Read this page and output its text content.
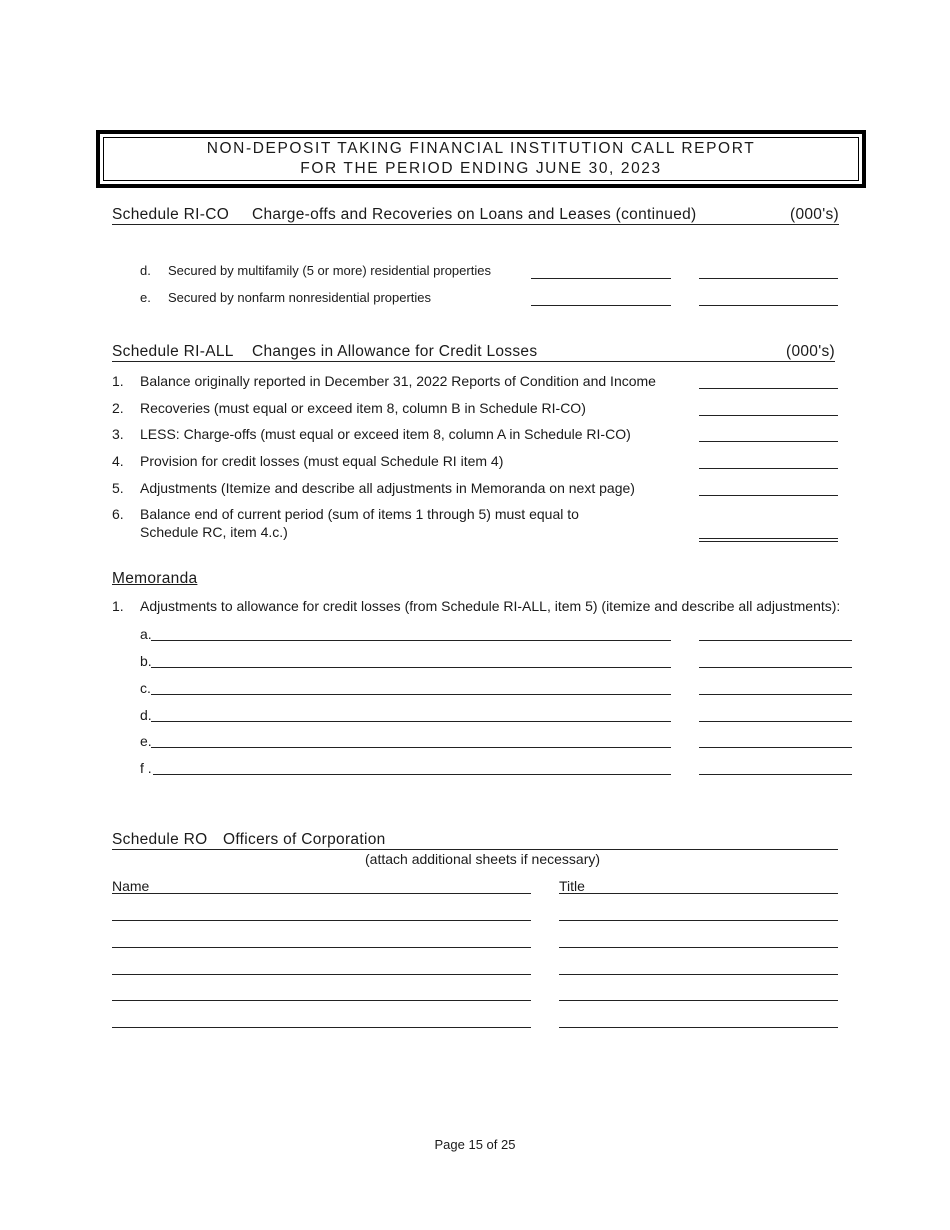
NON-DEPOSIT TAKING FINANCIAL INSTITUTION CALL REPORT
FOR THE PERIOD ENDING JUNE 30, 2023
Schedule RI-CO Charge-offs and Recoveries on Loans and Leases (continued)	(000's)
d. Secured by multifamily (5 or more) residential properties
e. Secured by nonfarm nonresidential properties
Schedule RI-ALL Changes in Allowance for Credit Losses	(000's)
1. Balance originally reported in December 31, 2022 Reports of Condition and Income
2. Recoveries (must equal or exceed item 8, column B in Schedule RI-CO)
3. LESS: Charge-offs (must equal or exceed item 8, column A in Schedule RI-CO)
4. Provision for credit losses (must equal Schedule RI item 4)
5. Adjustments (Itemize and describe all adjustments in Memoranda on next page)
6. Balance end of current period (sum of items 1 through 5) must equal to
Schedule RC, item 4.c.)
Memoranda
1. Adjustments to allowance for credit losses (from Schedule RI-ALL, item 5) (itemize and describe all adjustments):
a.
b.
c.
d.
e.
f .
Schedule RO Officers of Corporation
(attach additional sheets if necessary)
Name	Title
Page 15 of 25
